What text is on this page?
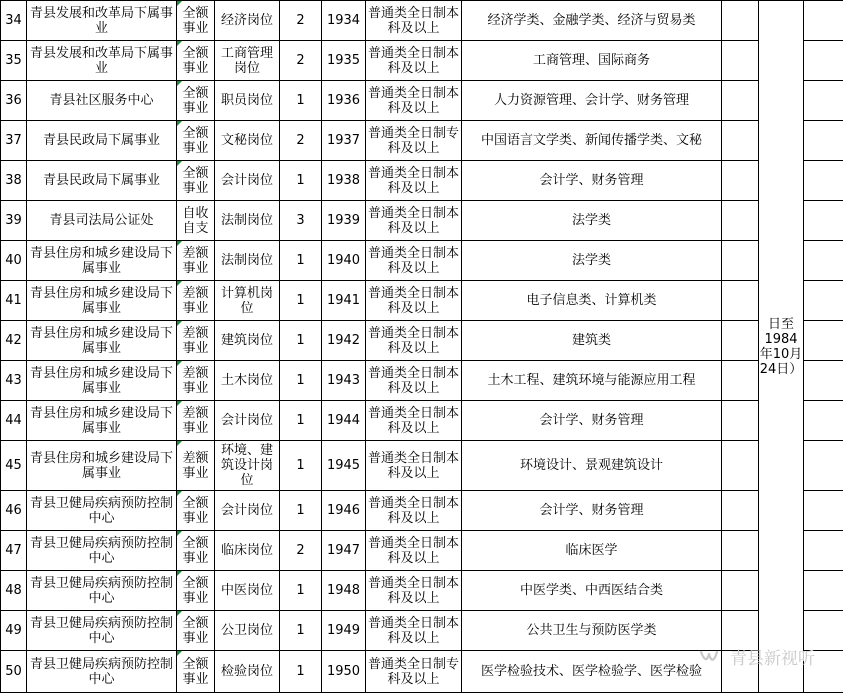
34	青县发展和改革局下属事业	全额事业	经济岗位	2	1934	普通类全日制本科及以上	经济学类、金融学类、经济与贸易类		日至1984年10月24日）	
35	青县发展和改革局下属事业	全额事业	工商管理岗位	2	1935	普通类全日制本科及以上	工商管理、国际商务			
36	青县社区服务中心	全额事业	职员岗位	1	1936	普通类全日制本科及以上	人力资源管理、会计学、财务管理			
37	青县民政局下属事业	全额事业	文秘岗位	2	1937	普通类全日制专科及以上	中国语言文学类、新闻传播学类、文秘			
38	青县民政局下属事业	全额事业	会计岗位	1	1938	普通类全日制本科及以上	会计学、财务管理			
39	青县司法局公证处	自收自支	法制岗位	3	1939	普通类全日制本科及以上	法学类			
40	青县住房和城乡建设局下属事业	差额事业	法制岗位	1	1940	普通类全日制本科及以上	法学类			
41	青县住房和城乡建设局下属事业	差额事业	计算机岗位	1	1941	普通类全日制本科及以上	电子信息类、计算机类			
42	青县住房和城乡建设局下属事业	差额事业	建筑岗位	1	1942	普通类全日制本科及以上	建筑类			
43	青县住房和城乡建设局下属事业	差额事业	土木岗位	1	1943	普通类全日制本科及以上	土木工程、建筑环境与能源应用工程			
44	青县住房和城乡建设局下属事业	差额事业	会计岗位	1	1944	普通类全日制本科及以上	会计学、财务管理			
45	青县住房和城乡建设局下属事业	差额事业	环境、建筑设计岗位	1	1945	普通类全日制本科及以上	环境设计、景观建筑设计			
46	青县卫健局疾病预防控制中心	全额事业	会计岗位	1	1946	普通类全日制本科及以上	会计学、财务管理			
47	青县卫健局疾病预防控制中心	全额事业	临床岗位	2	1947	普通类全日制本科及以上	临床医学			
48	青县卫健局疾病预防控制中心	全额事业	中医岗位	1	1948	普通类全日制本科及以上	中医学类、中西医结合类			
49	青县卫健局疾病预防控制中心	全额事业	公卫岗位	1	1949	普通类全日制本科及以上	公共卫生与预防医学类			
50	青县卫健局疾病预防控制中心	全额事业	检验岗位	1	1950	普通类全日制专科及以上	医学检验技术、医学检验学、医学检验			
青县新视听
